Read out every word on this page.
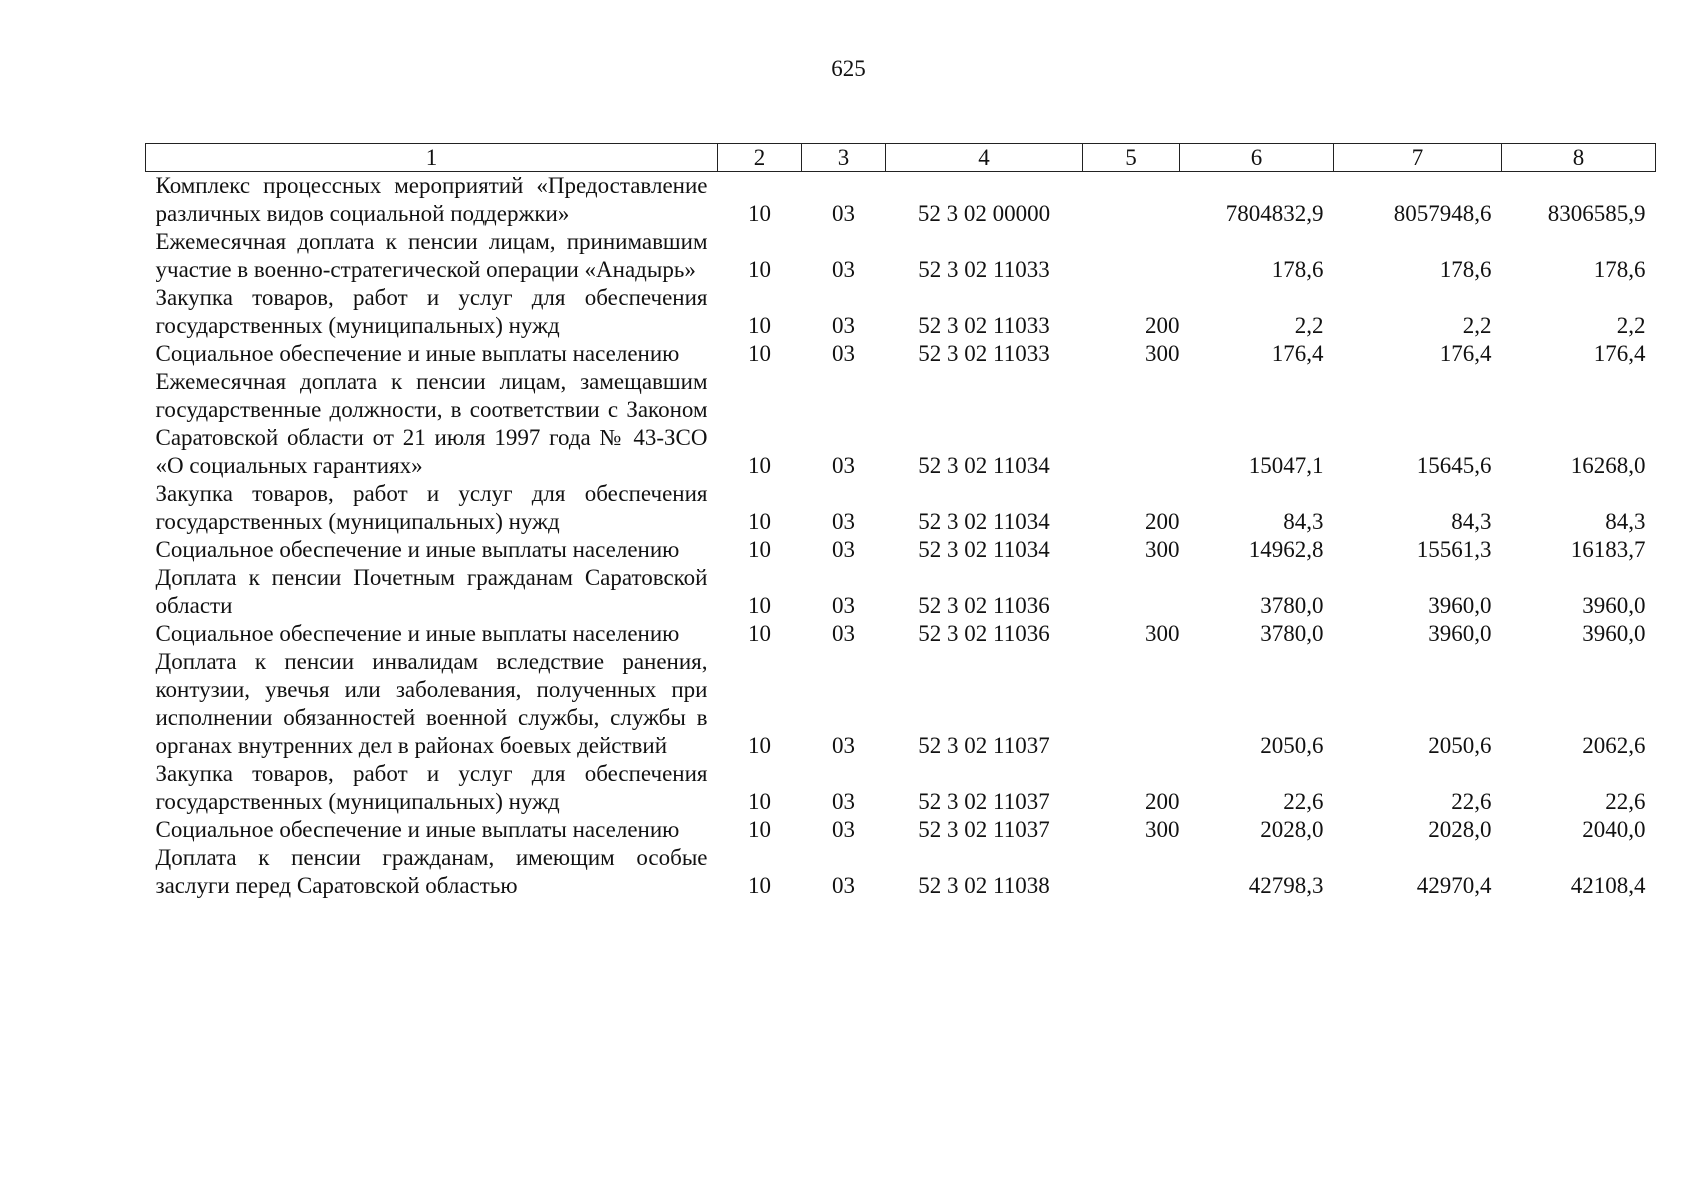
625
1	2	3	4	5	6	7	8
Комплекс процессных мероприятий «Предоставление различных видов социальной поддержки»	10	03	52 3 02 00000		7804832,9	8057948,6	8306585,9
Ежемесячная доплата к пенсии лицам, принимавшим участие в военно-стратегической операции «Анадырь»	10	03	52 3 02 11033		178,6	178,6	178,6
Закупка товаров, работ и услуг для обеспечения государственных (муниципальных) нужд	10	03	52 3 02 11033	200	2,2	2,2	2,2
Социальное обеспечение и иные выплаты населению	10	03	52 3 02 11033	300	176,4	176,4	176,4
Ежемесячная доплата к пенсии лицам, замещавшим государственные должности, в соответствии с Законом Саратовской области от 21 июля 1997 года № 43-ЗСО «О социальных гарантиях»	10	03	52 3 02 11034		15047,1	15645,6	16268,0
Закупка товаров, работ и услуг для обеспечения государственных (муниципальных) нужд	10	03	52 3 02 11034	200	84,3	84,3	84,3
Социальное обеспечение и иные выплаты населению	10	03	52 3 02 11034	300	14962,8	15561,3	16183,7
Доплата к пенсии Почетным гражданам Саратовской области	10	03	52 3 02 11036		3780,0	3960,0	3960,0
Социальное обеспечение и иные выплаты населению	10	03	52 3 02 11036	300	3780,0	3960,0	3960,0
Доплата к пенсии инвалидам вследствие ранения, контузии, увечья или заболевания, полученных при исполнении обязанностей военной службы, службы в органах внутренних дел в районах боевых действий	10	03	52 3 02 11037		2050,6	2050,6	2062,6
Закупка товаров, работ и услуг для обеспечения государственных (муниципальных) нужд	10	03	52 3 02 11037	200	22,6	22,6	22,6
Социальное обеспечение и иные выплаты населению	10	03	52 3 02 11037	300	2028,0	2028,0	2040,0
Доплата к пенсии гражданам, имеющим особые заслуги перед Саратовской областью	10	03	52 3 02 11038		42798,3	42970,4	42108,4
